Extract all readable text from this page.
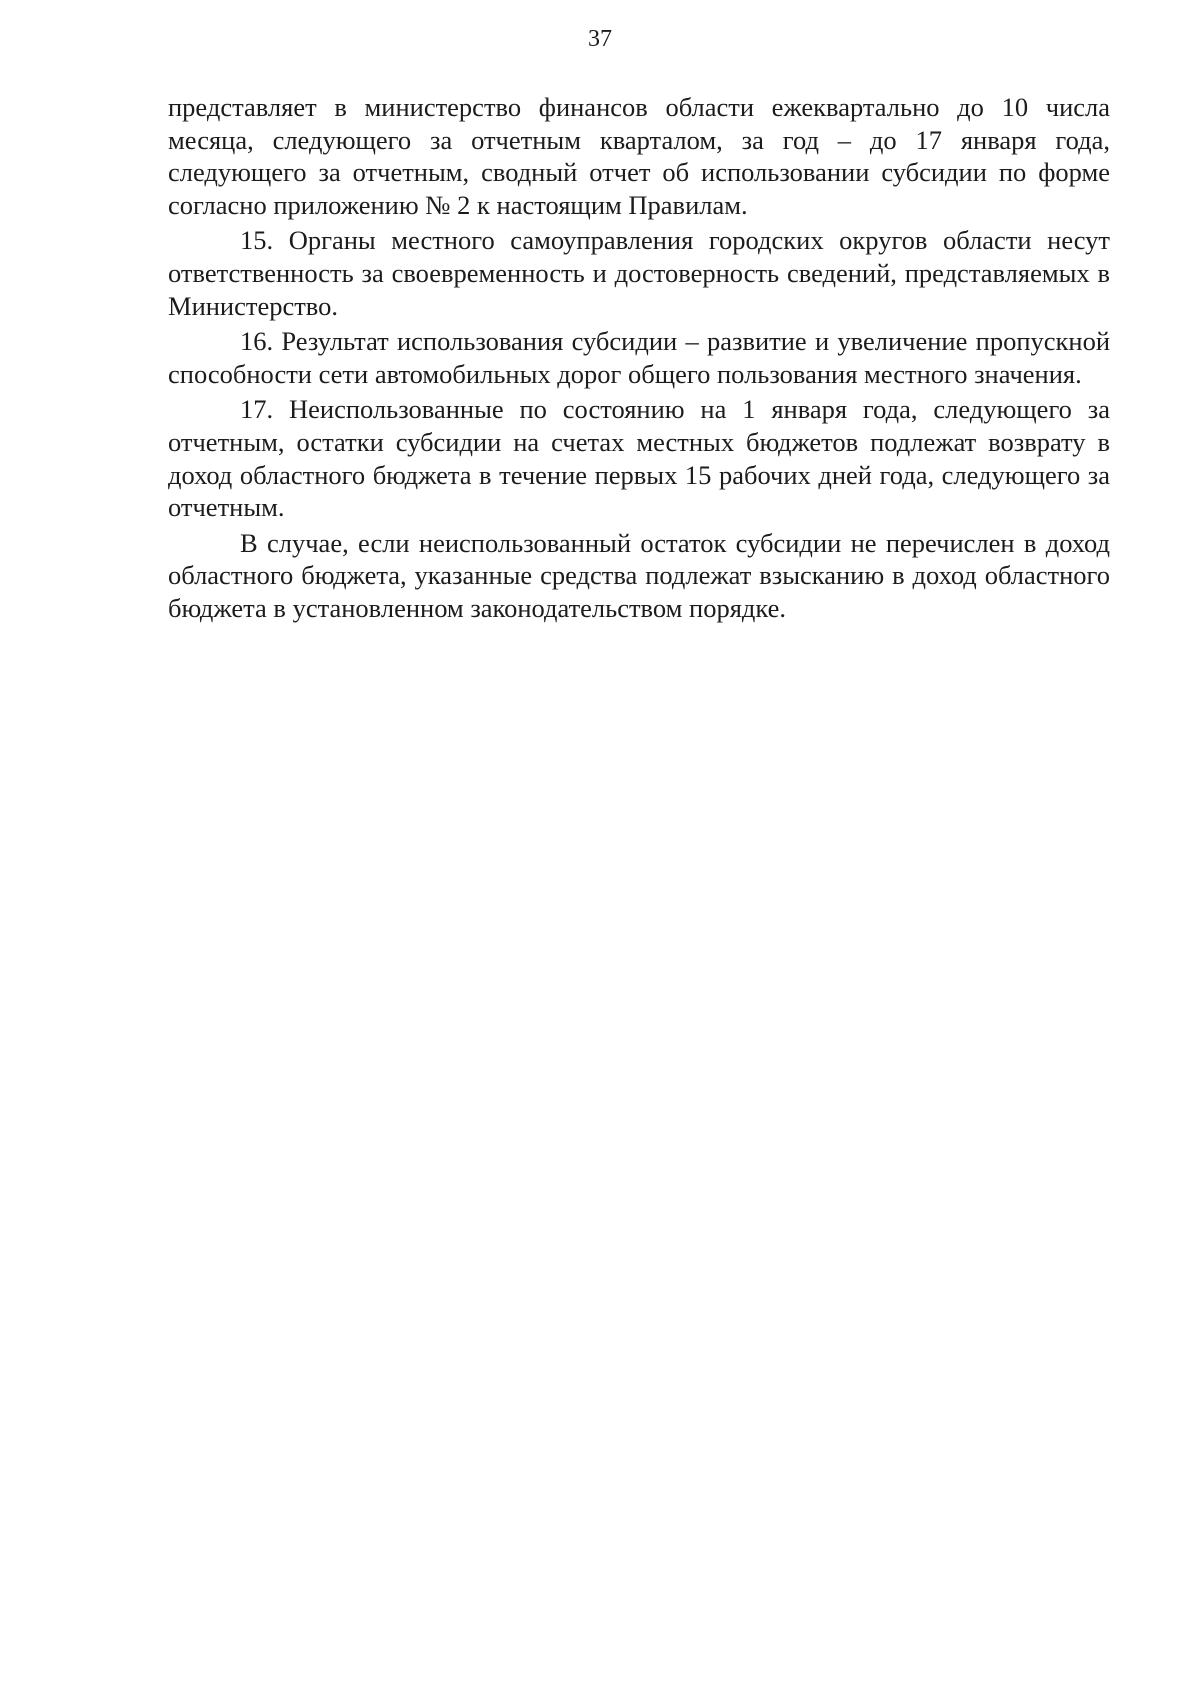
37

представляет в министерство финансов области ежеквартально до 10 числа месяца, следующего за отчетным кварталом, за год – до 17 января года, следующего за отчетным, сводный отчет об использовании субсидии по форме согласно приложению № 2 к настоящим Правилам.

15. Органы местного самоуправления городских округов области несут ответственность за своевременность и достоверность сведений, представляемых в Министерство.

16. Результат использования субсидии – развитие и увеличение пропускной способности сети автомобильных дорог общего пользования местного значения.

17. Неиспользованные по состоянию на 1 января года, следующего за отчетным, остатки субсидии на счетах местных бюджетов подлежат возврату в доход областного бюджета в течение первых 15 рабочих дней года, следующего за отчетным.

В случае, если неиспользованный остаток субсидии не перечислен в доход областного бюджета, указанные средства подлежат взысканию в доход областного бюджета в установленном законодательством порядке.
